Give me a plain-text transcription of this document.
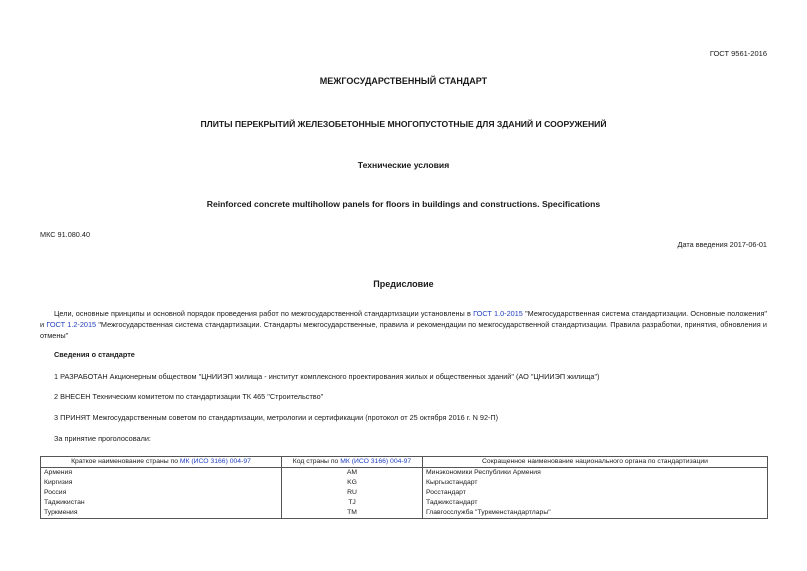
ГОСТ 9561-2016
МЕЖГОСУДАРСТВЕННЫЙ СТАНДАРТ
ПЛИТЫ ПЕРЕКРЫТИЙ ЖЕЛЕЗОБЕТОННЫЕ МНОГОПУСТОТНЫЕ ДЛЯ ЗДАНИЙ И СООРУЖЕНИЙ
Технические условия
Reinforced concrete multihollow panels for floors in buildings and constructions. Specifications
МКС 91.080.40
Дата введения 2017-06-01
Предисловие
Цели, основные принципы и основной порядок проведения работ по межгосударственной стандартизации установлены в ГОСТ 1.0-2015 "Межгосударственная система стандартизации. Основные положения" и ГОСТ 1.2-2015 "Межгосударственная система стандартизации. Стандарты межгосударственные, правила и рекомендации по межгосударственной стандартизации. Правила разработки, принятия, обновления и отмены"
Сведения о стандарте
1 РАЗРАБОТАН Акционерным обществом "ЦНИИЭП жилища - институт комплексного проектирования жилых и общественных зданий" (АО "ЦНИИЭП жилища")
2 ВНЕСЕН Техническим комитетом по стандартизации ТК 465 "Строительство"
3 ПРИНЯТ Межгосударственным советом по стандартизации, метрологии и сертификации (протокол от 25 октября 2016 г. N 92-П)
За принятие проголосовали:
Краткое наименование страны по МК (ИСО 3166) 004-97	Код страны по МК (ИСО 3166) 004-97	Сокращенное наименование национального органа по стандартизации
Армения	AM	Минэкономики Республики Армения
Киргизия	KG	Кыргызстандарт
Россия	RU	Росстандарт
Таджикистан	TJ	Таджикстандарт
Туркмения	TM	Главгосслужба "Туркменстандартлары"
